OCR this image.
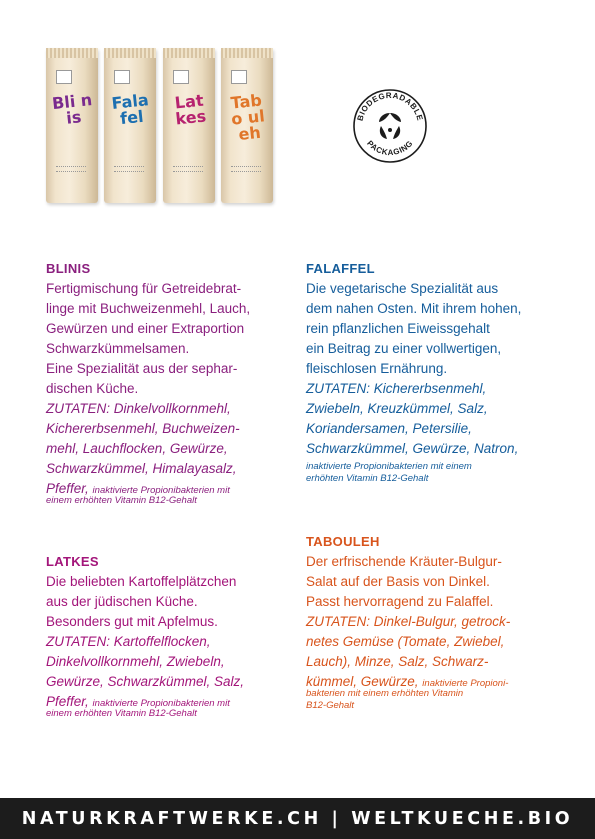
Bli nis
Fala fel
Lat kes
Tabo uleh
BIODEGRADABLE
PACKAGING
BLINIS
Fertigmischung für Getreidebrat-
linge mit Buchweizenmehl, Lauch,
Gewürzen und einer Extraportion
Schwarzkümmelsamen.
Eine Spezialität aus der sephar-
dischen Küche.
ZUTATEN: Dinkelvollkornmehl,
Kichererbsenmehl, Buchweizen-
mehl, Lauchflocken, Gewürze,
Schwarzkümmel, Himalayasalz,
Pfeffer, inaktivierte Propionibakterien mit
einem erhöhten Vitamin B12-Gehalt
FALAFFEL
Die vegetarische Spezialität aus
dem nahen Osten. Mit ihrem hohen,
rein pflanzlichen Eiweissgehalt
ein Beitrag zu einer vollwertigen,
fleischlosen Ernährung.
ZUTATEN: Kichererbsenmehl,
Zwiebeln, Kreuzkümmel, Salz,
Koriandersamen, Petersilie,
Schwarzkümmel, Gewürze, Natron,
inaktivierte Propionibakterien mit einem
erhöhten Vitamin B12-Gehalt
LATKES
Die beliebten Kartoffelplätzchen
aus der jüdischen Küche.
Besonders gut mit Apfelmus.
ZUTATEN: Kartoffelflocken,
Dinkelvollkornmehl, Zwiebeln,
Gewürze, Schwarzkümmel, Salz,
Pfeffer, inaktivierte Propionibakterien mit
einem erhöhten Vitamin B12-Gehalt
TABOULEH
Der erfrischende Kräuter-Bulgur-
Salat auf der Basis von Dinkel.
Passt hervorragend zu Falaffel.
ZUTATEN: Dinkel-Bulgur, getrock-
netes Gemüse (Tomate, Zwiebel,
Lauch), Minze, Salz, Schwarz-
kümmel, Gewürze, inaktivierte Propioni-
bakterien mit einem erhöhten Vitamin
B12-Gehalt
NATURKRAFTWERKE.CH | WELTKUECHE.BIO
